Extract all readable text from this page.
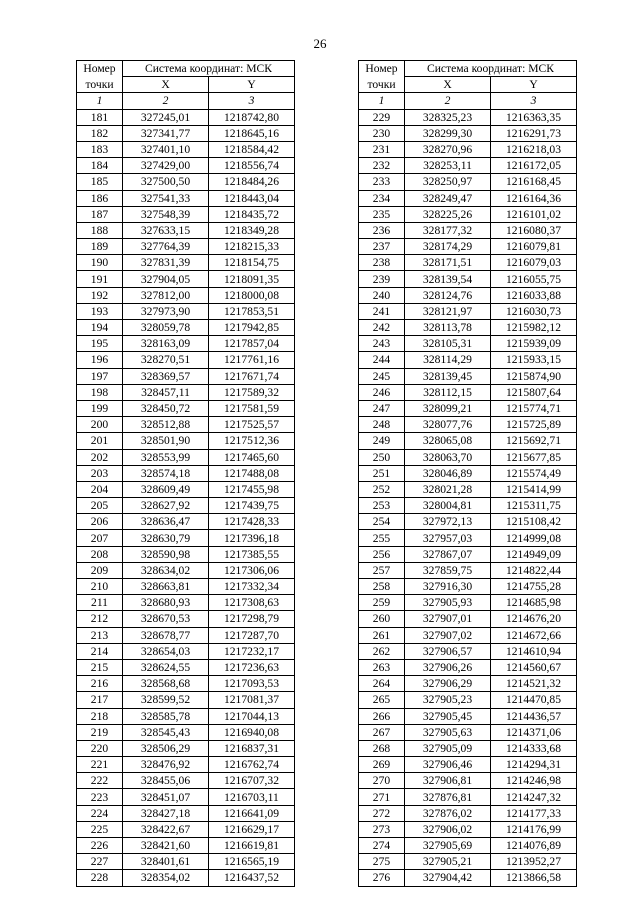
26
Номер	Система координат: МСК	
точки	X	Y
1	2	3
181	327245,01	1218742,80
182	327341,77	1218645,16
183	327401,10	1218584,42
184	327429,00	1218556,74
185	327500,50	1218484,26
186	327541,33	1218443,04
187	327548,39	1218435,72
188	327633,15	1218349,28
189	327764,39	1218215,33
190	327831,39	1218154,75
191	327904,05	1218091,35
192	327812,00	1218000,08
193	327973,90	1217853,51
194	328059,78	1217942,85
195	328163,09	1217857,04
196	328270,51	1217761,16
197	328369,57	1217671,74
198	328457,11	1217589,32
199	328450,72	1217581,59
200	328512,88	1217525,57
201	328501,90	1217512,36
202	328553,99	1217465,60
203	328574,18	1217488,08
204	328609,49	1217455,98
205	328627,92	1217439,75
206	328636,47	1217428,33
207	328630,79	1217396,18
208	328590,98	1217385,55
209	328634,02	1217306,06
210	328663,81	1217332,34
211	328680,93	1217308,63
212	328670,53	1217298,79
213	328678,77	1217287,70
214	328654,03	1217232,17
215	328624,55	1217236,63
216	328568,68	1217093,53
217	328599,52	1217081,37
218	328585,78	1217044,13
219	328545,43	1216940,08
220	328506,29	1216837,31
221	328476,92	1216762,74
222	328455,06	1216707,32
223	328451,07	1216703,11
224	328427,18	1216641,09
225	328422,67	1216629,17
226	328421,60	1216619,81
227	328401,61	1216565,19
228	328354,02	1216437,52
Номер	Система координат: МСК	
точки	X	Y
1	2	3
229	328325,23	1216363,35
230	328299,30	1216291,73
231	328270,96	1216218,03
232	328253,11	1216172,05
233	328250,97	1216168,45
234	328249,47	1216164,36
235	328225,26	1216101,02
236	328177,32	1216080,37
237	328174,29	1216079,81
238	328171,51	1216079,03
239	328139,54	1216055,75
240	328124,76	1216033,88
241	328121,97	1216030,73
242	328113,78	1215982,12
243	328105,31	1215939,09
244	328114,29	1215933,15
245	328139,45	1215874,90
246	328112,15	1215807,64
247	328099,21	1215774,71
248	328077,76	1215725,89
249	328065,08	1215692,71
250	328063,70	1215677,85
251	328046,89	1215574,49
252	328021,28	1215414,99
253	328004,81	1215311,75
254	327972,13	1215108,42
255	327957,03	1214999,08
256	327867,07	1214949,09
257	327859,75	1214822,44
258	327916,30	1214755,28
259	327905,93	1214685,98
260	327907,01	1214676,20
261	327907,02	1214672,66
262	327906,57	1214610,94
263	327906,26	1214560,67
264	327906,29	1214521,32
265	327905,23	1214470,85
266	327905,45	1214436,57
267	327905,63	1214371,06
268	327905,09	1214333,68
269	327906,46	1214294,31
270	327906,81	1214246,98
271	327876,81	1214247,32
272	327876,02	1214177,33
273	327906,02	1214176,99
274	327905,69	1214076,89
275	327905,21	1213952,27
276	327904,42	1213866,58
